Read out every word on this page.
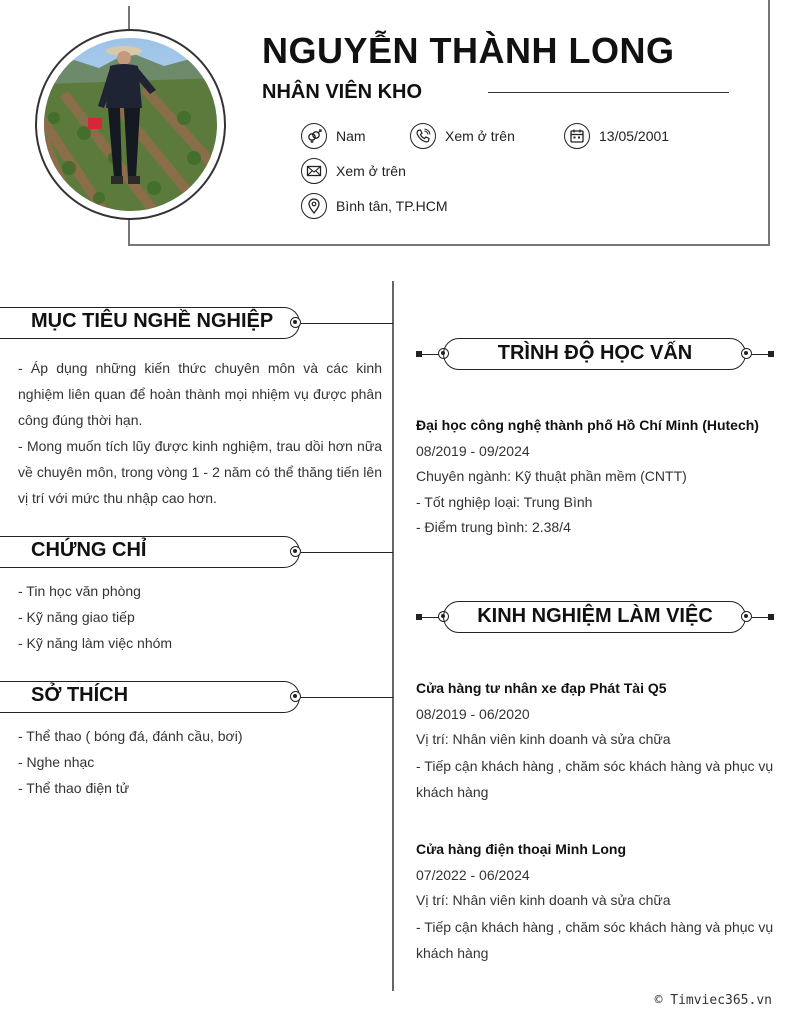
NGUYỄN THÀNH LONG
NHÂN VIÊN KHO
Nam	Xem ở trên	13/05/2001
Xem ở trên
Bình tân, TP.HCM
MỤC TIÊU NGHỀ NGHIỆP
- Áp dụng những kiến thức chuyên môn và các kinh nghiệm liên quan để hoàn thành mọi nhiệm vụ được phân công đúng thời hạn.
- Mong muốn tích lũy được kinh nghiệm, trau dồi hơn nữa về chuyên môn, trong vòng 1 - 2 năm có thể thăng tiến lên vị trí với mức thu nhập cao hơn.
CHỨNG CHỈ
- Tin học văn phòng
- Kỹ năng giao tiếp
- Kỹ năng làm việc nhóm
SỞ THÍCH
- Thể thao ( bóng đá, đánh cầu, bơi)
- Nghe nhạc
- Thể thao điện tử
TRÌNH ĐỘ HỌC VẤN
Đại học công nghệ thành phố Hồ Chí Minh (Hutech)
08/2019 - 09/2024
Chuyên ngành: Kỹ thuật phần mềm (CNTT)
- Tốt nghiệp loại: Trung Bình
- Điểm trung bình: 2.38/4
KINH NGHIỆM LÀM VIỆC
Cửa hàng tư nhân xe đạp Phát Tài Q5
08/2019 - 06/2020
Vị trí: Nhân viên kinh doanh và sửa chữa
- Tiếp cận khách hàng , chăm sóc khách hàng và phục vụ khách hàng
Cửa hàng điện thoại Minh Long
07/2022 - 06/2024
Vị trí: Nhân viên kinh doanh và sửa chữa
- Tiếp cận khách hàng , chăm sóc khách hàng và phục vụ khách hàng
© Timviec365.vn
